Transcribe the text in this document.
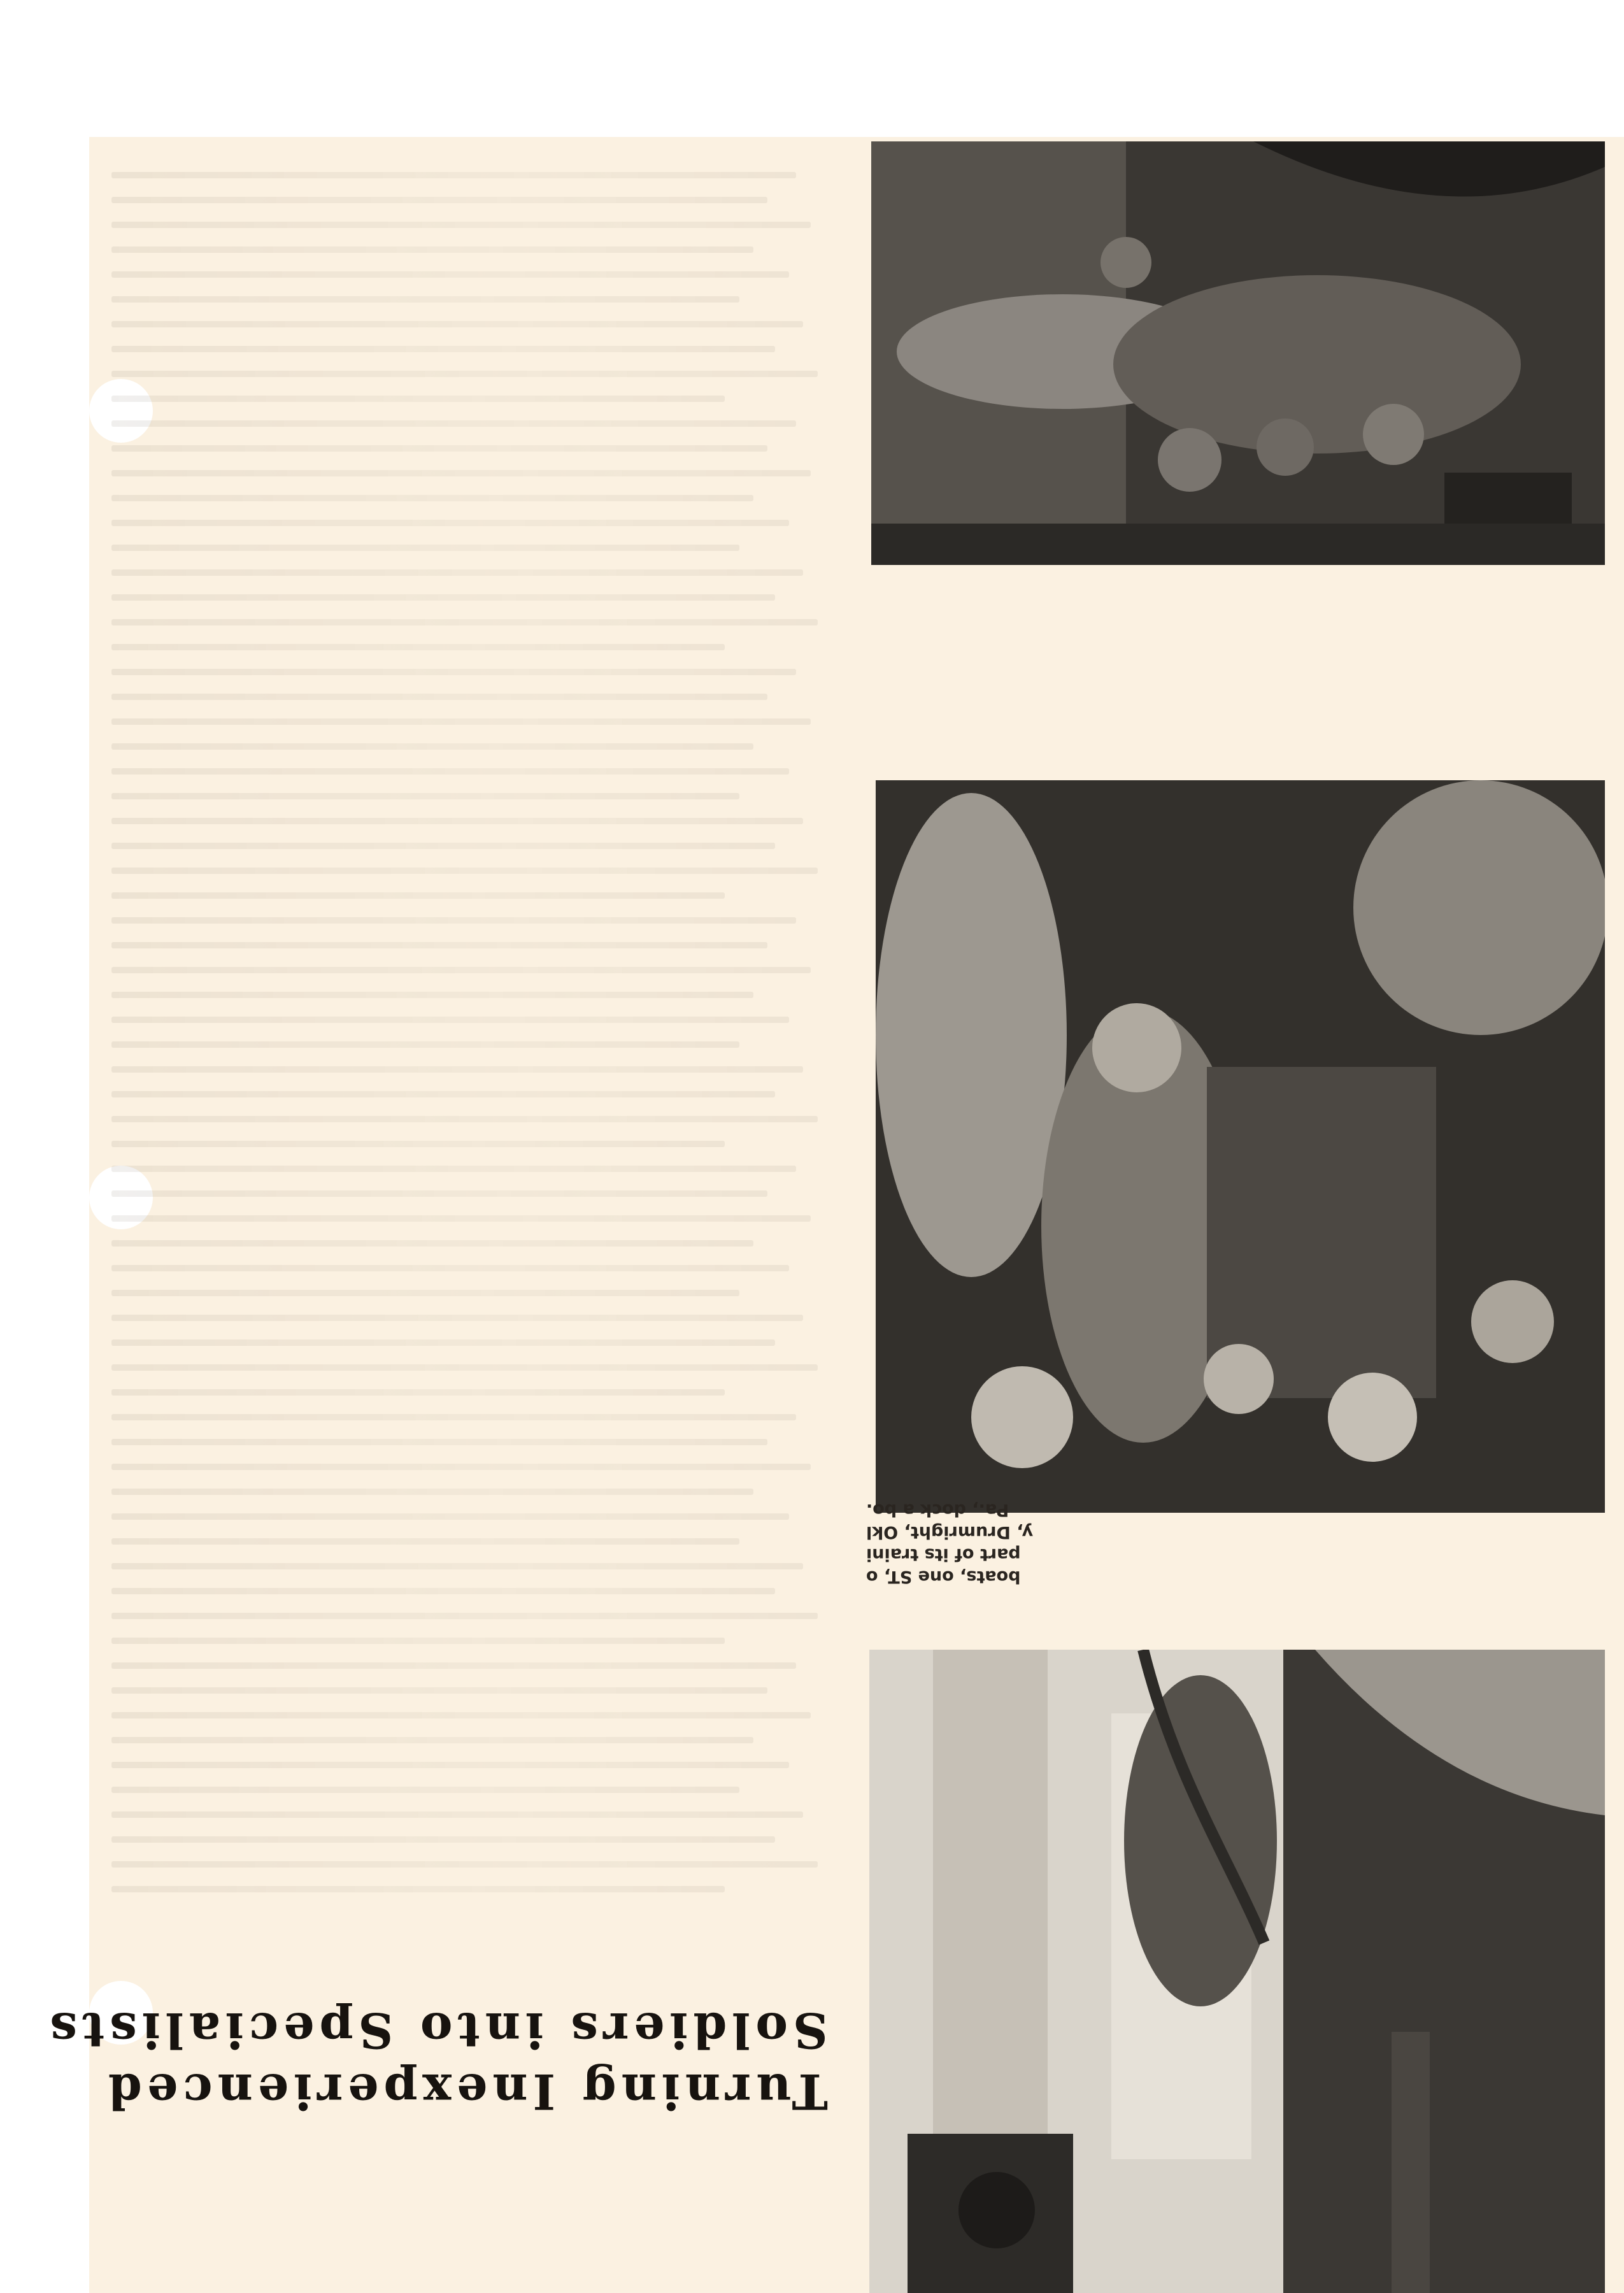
boats, one ST, o
part of its traini
y, Drumright, Okl
Pa., dock a bo.
Turning Inexperienced
Soldiers into Specialists
